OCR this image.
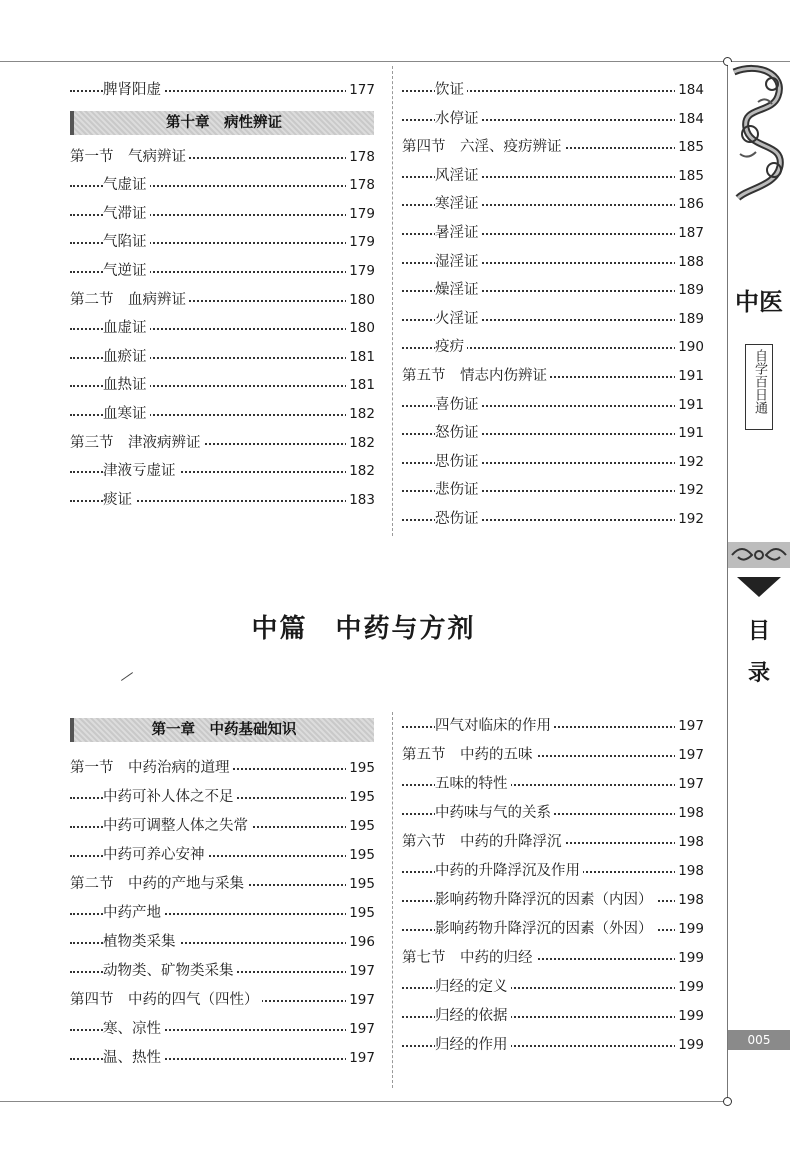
脾肾阳虚	177
第十章　病性辨证
第一节　气病辨证	178
气虚证	178
气滞证	179
气陷证	179
气逆证	179
第二节　血病辨证	180
血虚证	180
血瘀证	181
血热证	181
血寒证	182
第三节　津液病辨证	182
津液亏虚证	182
痰证	183
饮证	184
水停证	184
第四节　六淫、疫疠辨证	185
风淫证	185
寒淫证	186
暑淫证	187
湿淫证	188
燥淫证	189
火淫证	189
疫疠	190
第五节　情志内伤辨证	191
喜伤证	191
怒伤证	191
思伤证	192
悲伤证	192
恐伤证	192
中篇　中药与方剂
第一章　中药基础知识
第一节　中药治病的道理	195
中药可补人体之不足	195
中药可调整人体之失常	195
中药可养心安神	195
第二节　中药的产地与采集	195
中药产地	195
植物类采集	196
动物类、矿物类采集	197
第四节　中药的四气（四性）	197
寒、凉性	197
温、热性	197
四气对临床的作用	197
第五节　中药的五味	197
五味的特性	197
中药味与气的关系	198
第六节　中药的升降浮沉	198
中药的升降浮沉及作用	198
影响药物升降浮沉的因素（内因） 198
影响药物升降浮沉的因素（外因） 199
第七节　中药的归经	199
归经的定义	199
归经的依据	199
归经的作用	199
中医
自学百日通
目
录
005
